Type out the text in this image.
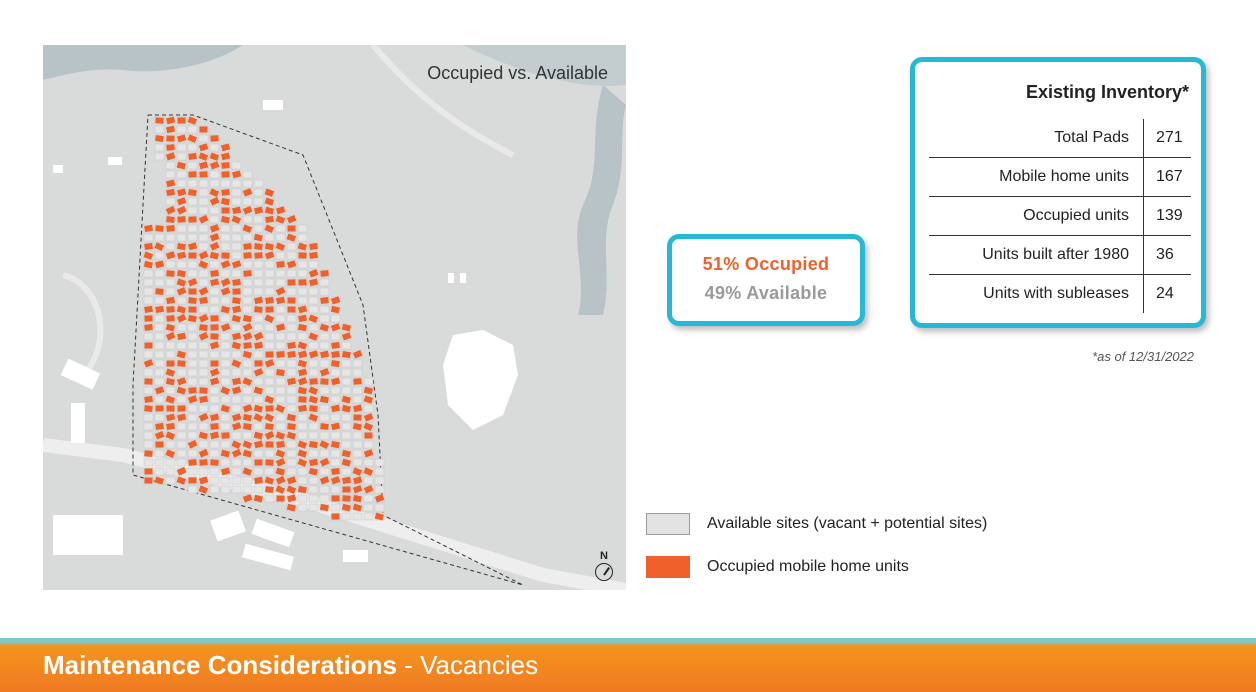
Occupied vs. Available
N
51% Occupied
49% Available
Existing Inventory*
Total Pads	271
Mobile home units	167
Occupied units	139
Units built after 1980	36
Units with subleases	24
*as of 12/31/2022
Available sites (vacant + potential sites)
Occupied mobile home units
Maintenance Considerations - Vacancies
